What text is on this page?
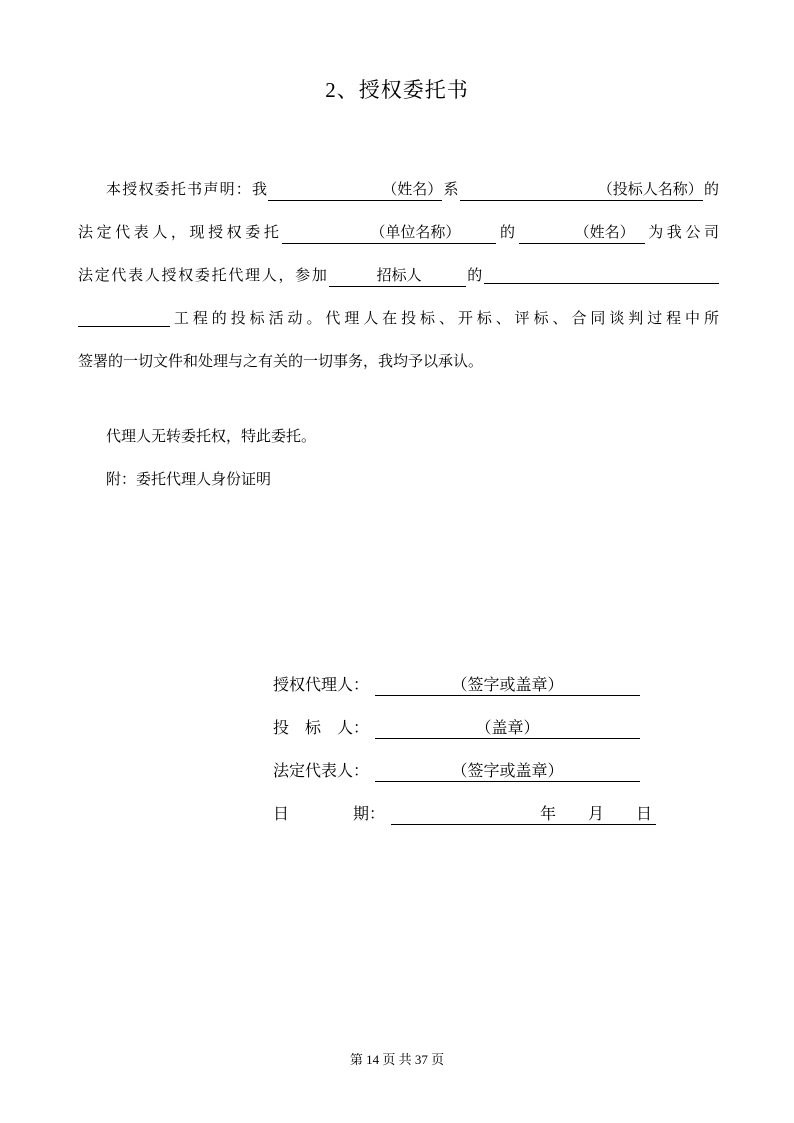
2、授权委托书
本授权委托书声明：我	（姓名）系	（投标人名称）的
法定代表人，现授权委托	（单位名称） 的	（姓名） 为我公司
法定代表人授权委托代理人，参加	招标人	的
工程的投标活动。代理人在投标、开标、评标、合同谈判过程中所
签署的一切文件和处理与之有关的一切事务，我均予以承认。
代理人无转委托权，特此委托。
附：委托代理人身份证明
授权代理人：	（签字或盖章）
投　标　人：	（盖章）
法定代表人：	（签字或盖章）
日　　　　期：	年　　月　　日
第 14 页 共 37 页
